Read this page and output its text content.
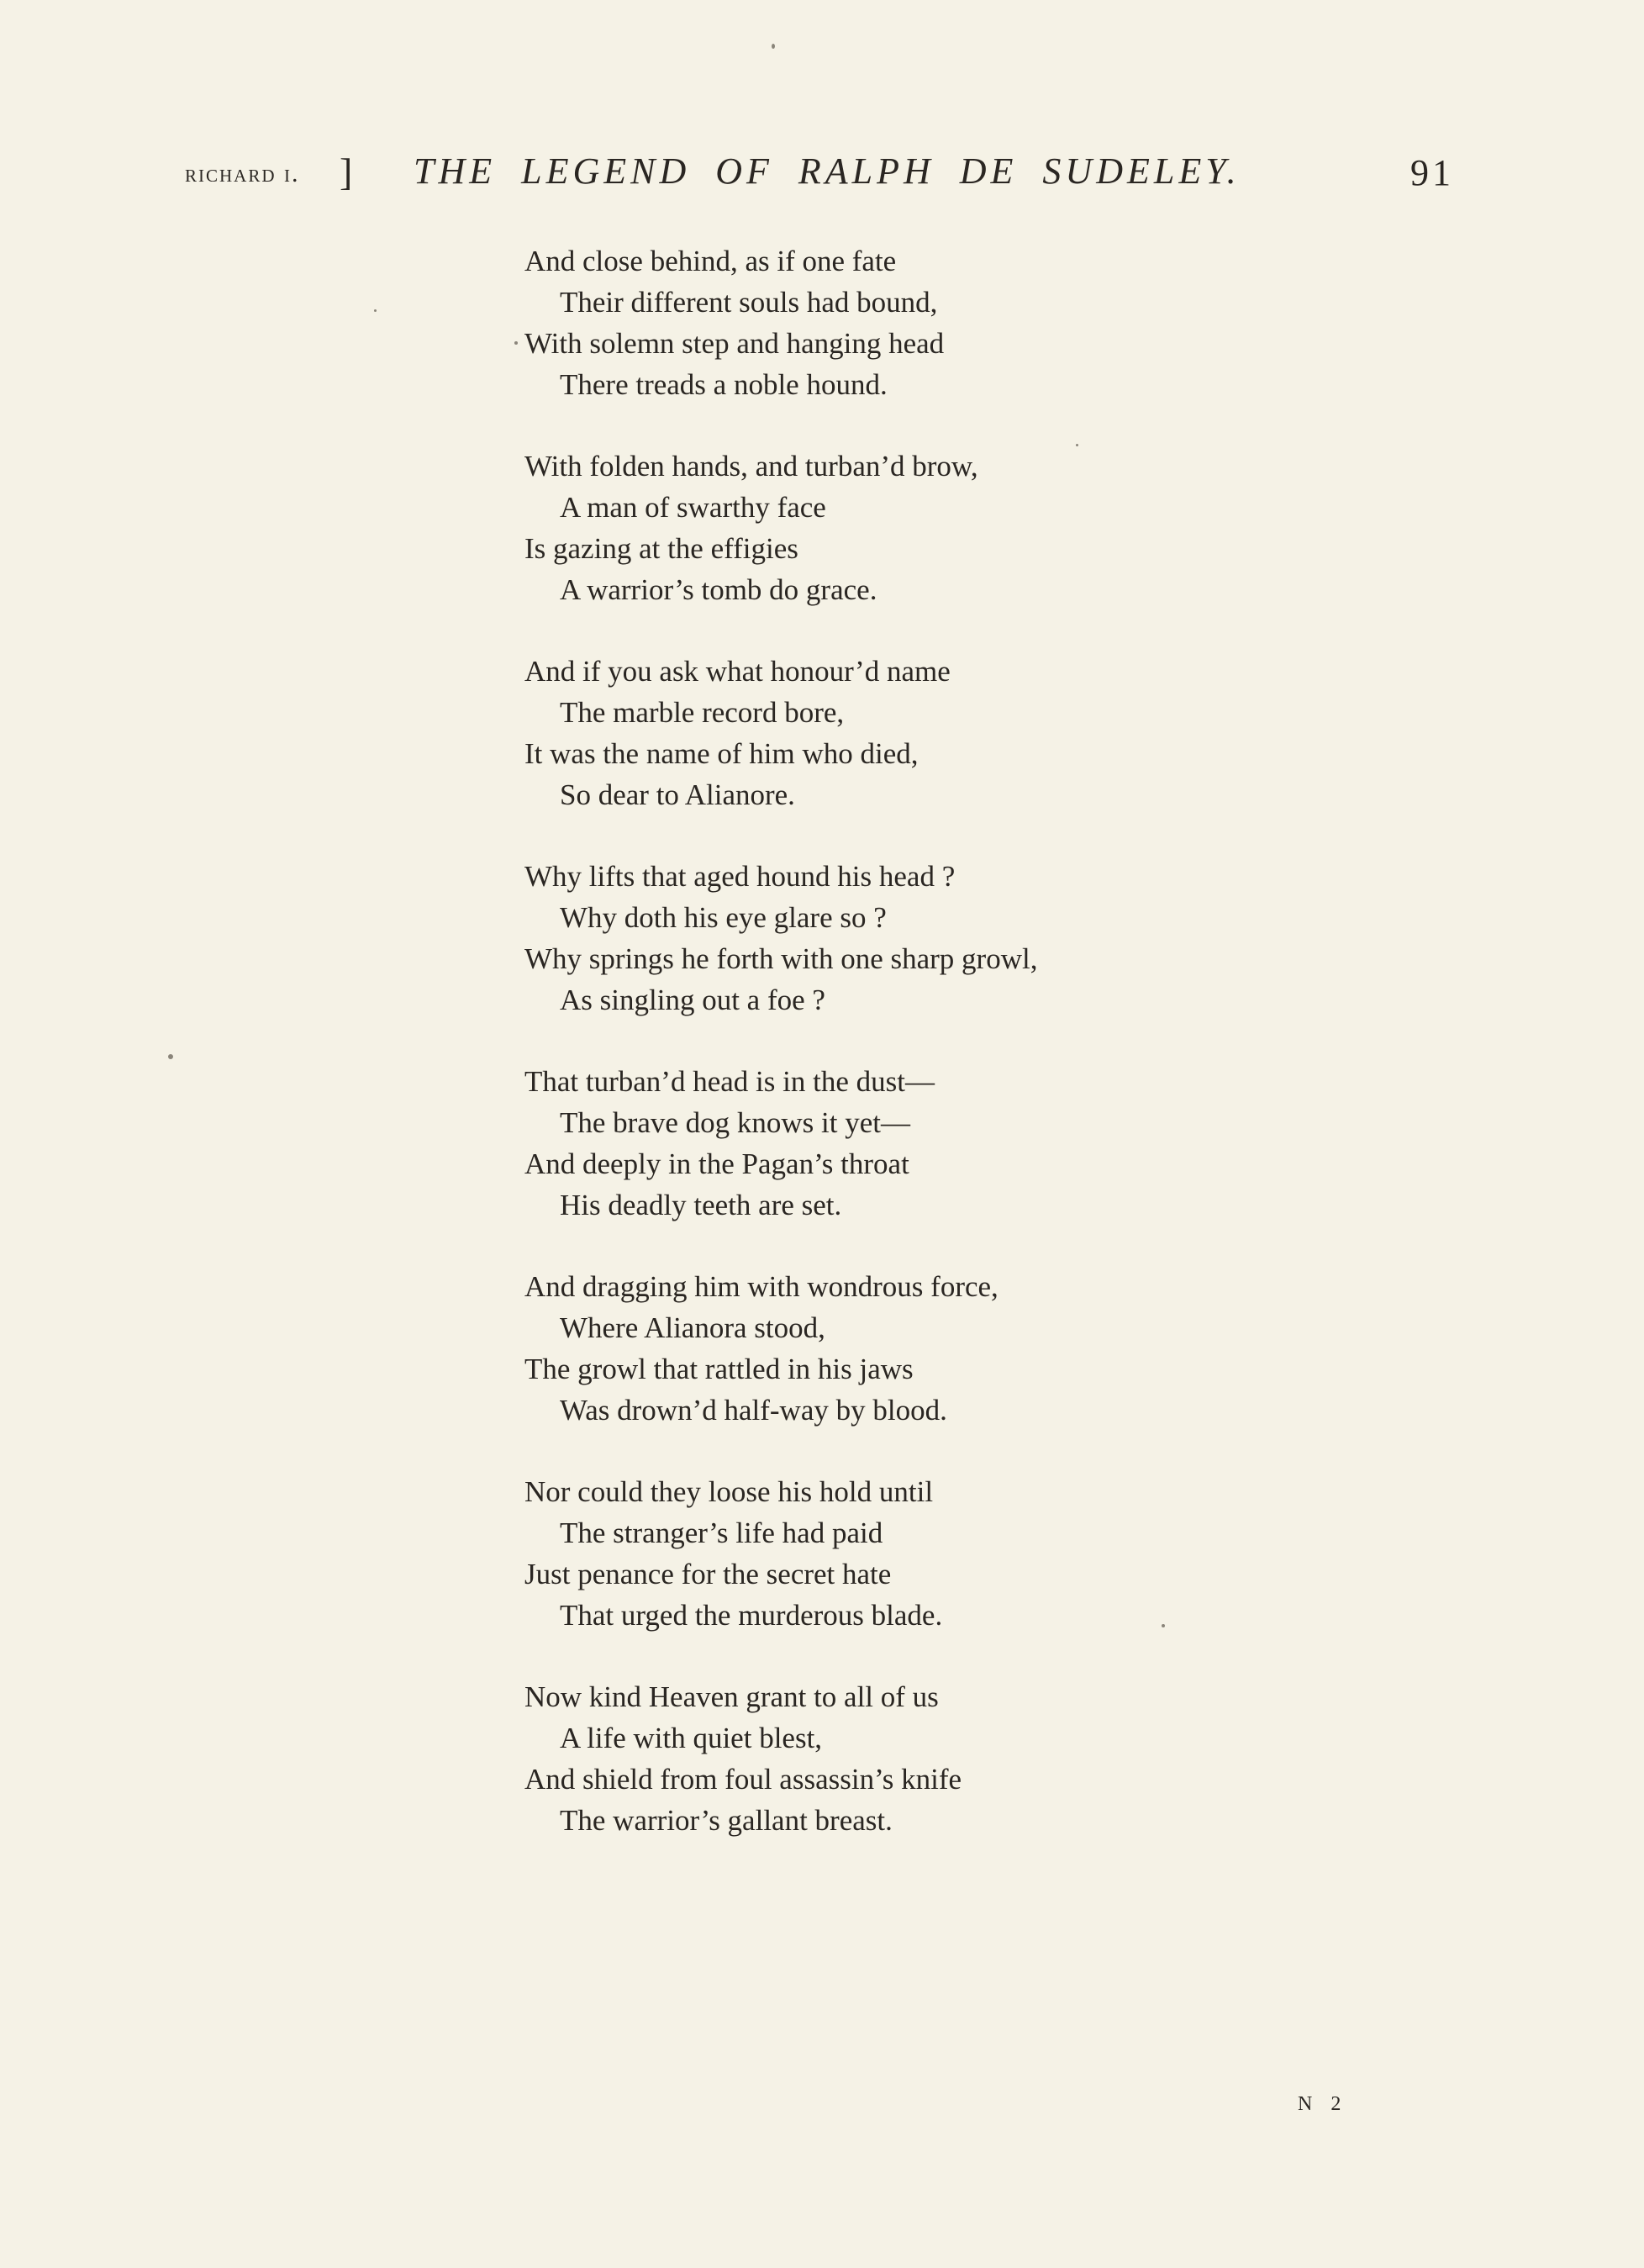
richard i. ] THE LEGEND OF RALPH DE SUDELEY.	91
And close behind, as if one fate
Their different souls had bound,
With solemn step and hanging head
There treads a noble hound.
With folden hands, and turban’d brow,
A man of swarthy face
Is gazing at the effigies
A warrior’s tomb do grace.
And if you ask what honour’d name
The marble record bore,
It was the name of him who died,
So dear to Alianore.
Why lifts that aged hound his head ?
Why doth his eye glare so ?
Why springs he forth with one sharp growl,
As singling out a foe ?
That turban’d head is in the dust—
The brave dog knows it yet—
And deeply in the Pagan’s throat
His deadly teeth are set.
And dragging him with wondrous force,
Where Alianora stood,
The growl that rattled in his jaws
Was drown’d half-way by blood.
Nor could they loose his hold until
The stranger’s life had paid
Just penance for the secret hate
That urged the murderous blade.
Now kind Heaven grant to all of us
A life with quiet blest,
And shield from foul assassin’s knife
The warrior’s gallant breast.
N 2
